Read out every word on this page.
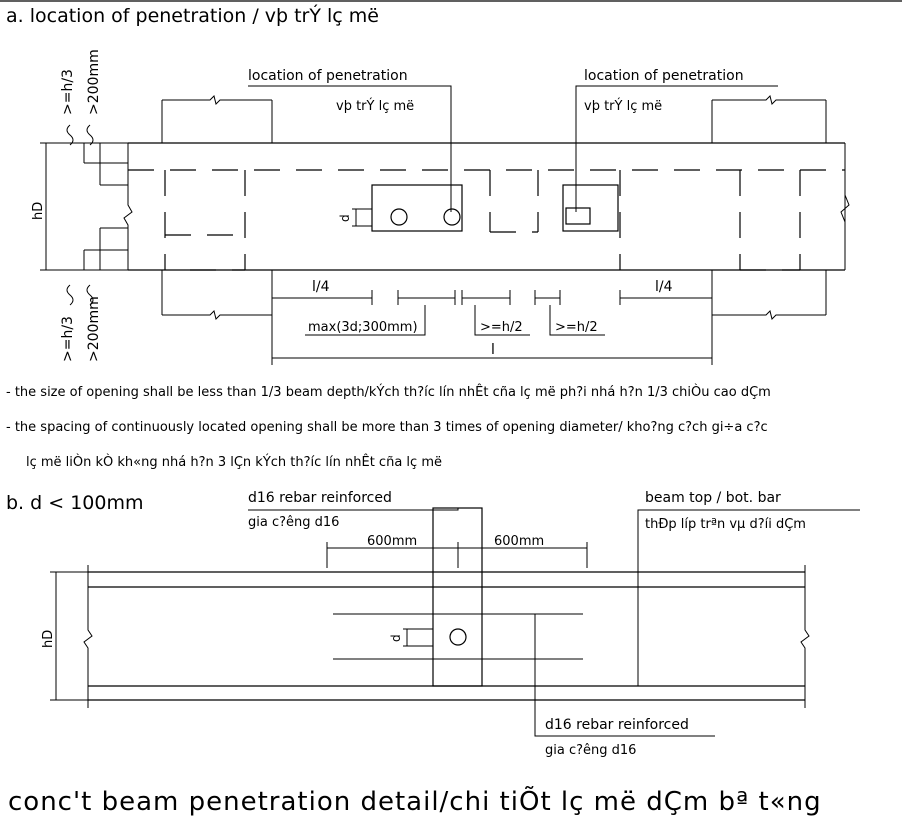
a. location of penetration / vþ trÝ lç më
d
location of penetration
vþ trÝ lç më
location of penetration
vþ trÝ lç më
hD
>=h/3 >200mm
>=h/3 >200mm
l/4	l/4
max(3d;300mm)	>=h/2 >=h/2
l
- the size of opening shall be less than 1/3 beam depth/kÝch th?íc lín nhÊt cña lç më ph?i nhá h?n 1/3 chiÒu cao dÇm
- the spacing of continuously located opening shall be more than 3 times of opening diameter/ kho?ng c?ch gi÷a c?c
lç më liÒn kÒ kh«ng nhá h?n 3 lÇn kÝch th?íc lín nhÊt cña lç më
b. d < 100mm
hD
600mm	600mm
d
d16 rebar reinforced
gia c?êng d16
beam top / bot. bar
thÐp líp trªn vµ d?íi dÇm
d16 rebar reinforced
gia c?êng d16
conc't beam penetration detail/chi tiÕt lç më dÇm bª t«ng
